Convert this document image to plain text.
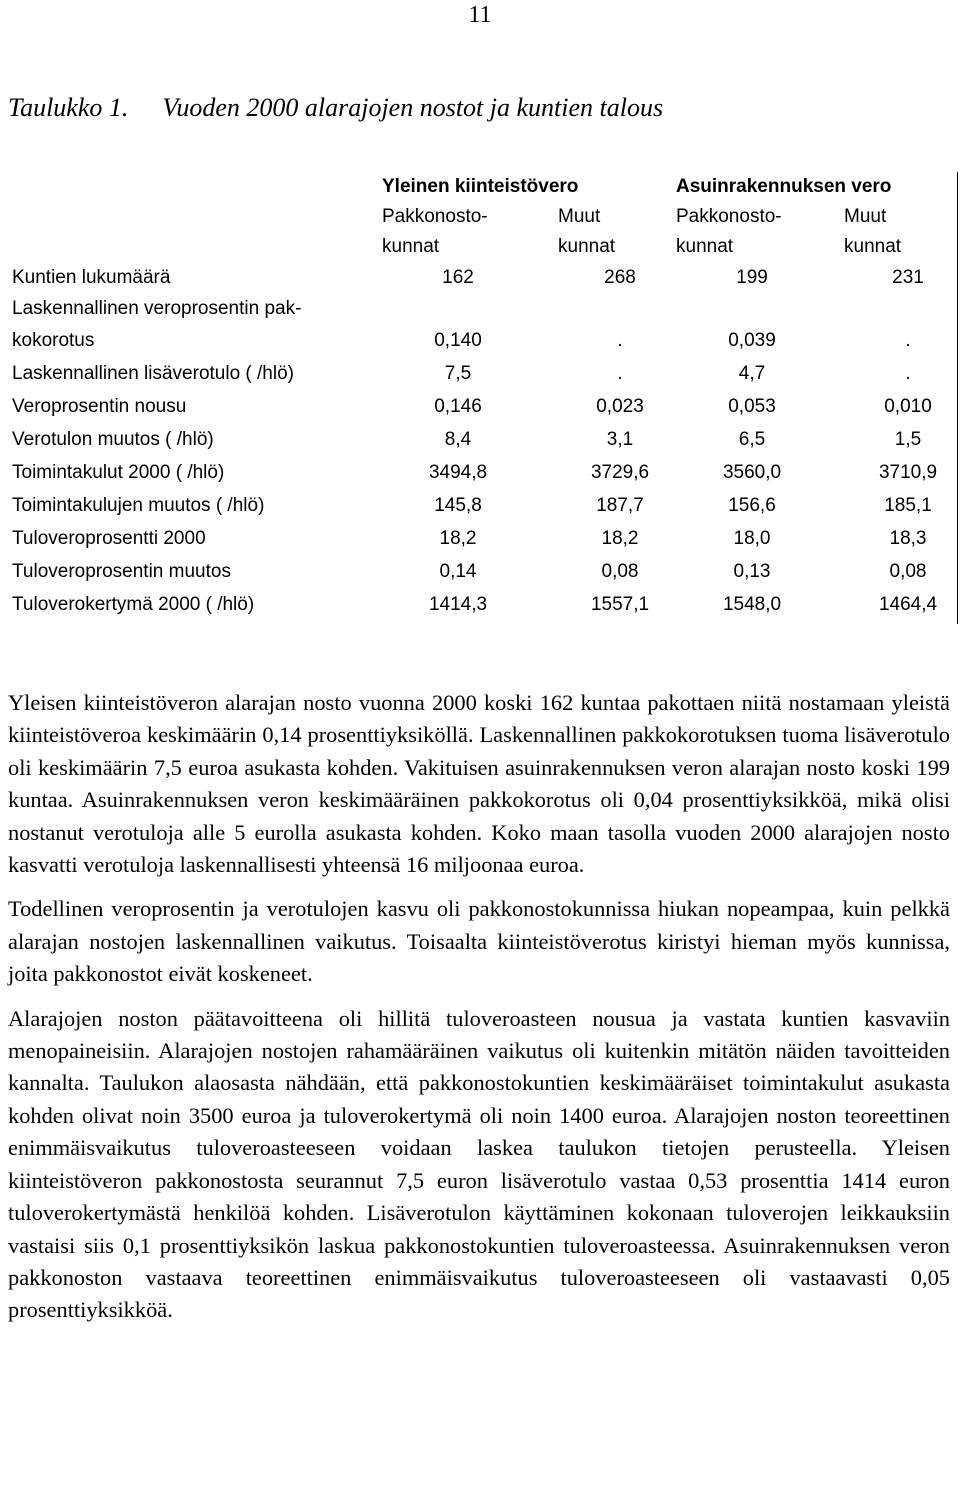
11
Taulukko 1. Vuoden 2000 alarajojen nostot ja kuntien talous
Yleinen kiinteistövero	Asuinrakennuksen vero
Pakkonosto-	Muut	Pakkonosto-	Muut
kunnat	kunnat	kunnat	kunnat
Kuntien lukumäärä	162	268	199	231
Laskennallinen veroprosentin pak-
kokorotus	0,140	.	0,039	.
Laskennallinen lisäverotulo ( /hlö)	7,5	.	4,7	.
Veroprosentin nousu	0,146	0,023	0,053	0,010
Verotulon muutos ( /hlö)	8,4	3,1	6,5	1,5
Toimintakulut 2000 ( /hlö)	3494,8	3729,6	3560,0	3710,9
Toimintakulujen muutos ( /hlö)	145,8	187,7	156,6	185,1
Tuloveroprosentti 2000	18,2	18,2	18,0	18,3
Tuloveroprosentin muutos	0,14	0,08	0,13	0,08
Tuloverokertymä 2000 ( /hlö)	1414,3	1557,1	1548,0	1464,4

Yleisen kiinteistöveron alarajan nosto vuonna 2000 koski 162 kuntaa pakottaen niitä nostamaan yleistä kiinteistöveroa keskimäärin 0,14 prosenttiyksiköllä. Laskennallinen pakkokorotuksen tuoma lisäverotulo oli keskimäärin 7,5 euroa asukasta kohden. Vakituisen asuinrakennuksen veron alarajan nosto koski 199 kuntaa. Asuinrakennuksen veron keskimääräinen pakkokorotus oli 0,04 prosenttiyksikköä, mikä olisi nostanut verotuloja alle 5 eurolla asukasta kohden. Koko maan tasolla vuoden 2000 alarajojen nosto kasvatti verotuloja laskennallisesti yhteensä 16 miljoonaa euroa.

Todellinen veroprosentin ja verotulojen kasvu oli pakkonostokunnissa hiukan nopeampaa, kuin pelkkä alarajan nostojen laskennallinen vaikutus. Toisaalta kiinteistöverotus kiristyi hieman myös kunnissa, joita pakkonostot eivät koskeneet.

Alarajojen noston päätavoitteena oli hillitä tuloveroasteen nousua ja vastata kuntien kasvaviin menopaineisiin. Alarajojen nostojen rahamääräinen vaikutus oli kuitenkin mitätön näiden tavoitteiden kannalta. Taulukon alaosasta nähdään, että pakkonostokuntien keskimääräiset toimintakulut asukasta kohden olivat noin 3500 euroa ja tuloverokertymä oli noin 1400 euroa. Alarajojen noston teoreettinen enimmäisvaikutus tuloveroasteeseen voidaan laskea taulukon tietojen perusteella. Yleisen kiinteistöveron pakkonostosta seurannut 7,5 euron lisäverotulo vastaa 0,53 prosenttia 1414 euron tuloverokertymästä henkilöä kohden. Lisäverotulon käyttäminen kokonaan tuloverojen leikkauksiin vastaisi siis 0,1 prosenttiyksikön laskua pakkonostokuntien tuloveroasteessa. Asuinrakennuksen veron pakkonoston vastaava teoreettinen enimmäisvaikutus tuloveroasteeseen oli vastaavasti 0,05 prosenttiyksikköä.
